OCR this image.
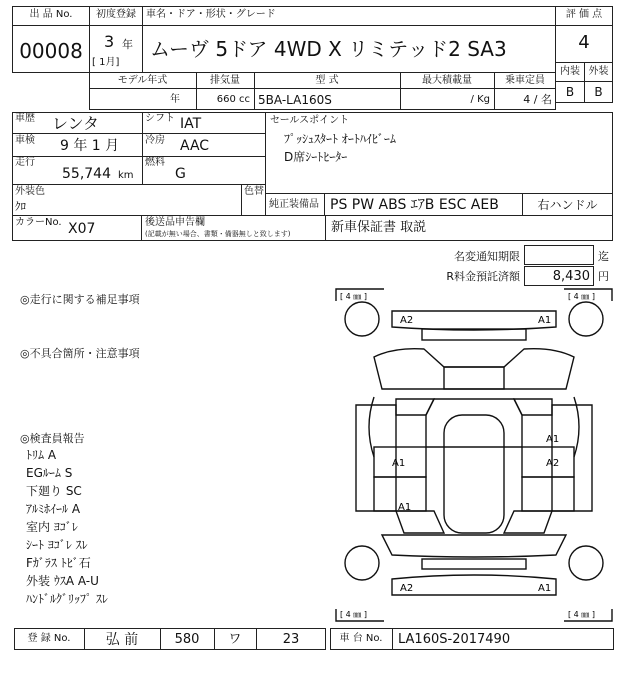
出 品 No.
00008
初度登録
3 年
[ 1月]
車名・ドア・形状・グレード
ムーヴ 5ドア 4WD X リミテッド2 SA3
評 価 点
4
内装 外装
B	B
モデル年式	排気量	型 式	最大積載量	乗車定員
年	660 cc 5BA-LA160S	/ Kg	4 / 名
車歴 レンタ	シフト IAT
車検 9 年 1 月	冷房 AAC
走行
55,744 km
燃料
G
外装色
ｸﾛ
色替
カラーNo. X07	後送品申告欄
(記載が無い場合、書類・備器無しと致します)
セールスポイント
ﾌﾟｯｼｭｽﾀｰﾄ ｵｰﾄﾊｲﾋﾞｰﾑ
D席ｼｰﾄﾋｰﾀｰ
純正装備品 PS PW ABS ｴｱB ESC AEB	右ハンドル
新車保証書 取説
名変通知期限	迄
R料金預託済額	8,430 円
◎走行に関する補足事項
◎不具合箇所・注意事項
◎検査員報告
ﾄﾘﾑ A
EGﾙｰﾑ S
下廻り SC
ｱﾙﾐﾎｲｰﾙ A
室内 ﾖｺﾞﾚ
ｼｰﾄ ﾖｺﾞﾚ ｽﾚ
Fｶﾞﾗｽ ﾄﾋﾞ石
外装 ｳｽA A-U
ﾊﾝﾄﾞﾙｸﾞﾘｯﾌﾟ ｽﾚ
[ 4 ㎜ ]	[ 4 ㎜ ]
[ 4 ㎜ ]	[ 4 ㎜ ]
A2	A1
A1
A1	A2
A1
A2	A1
登 録 No.	弘 前	580	ワ	23	車 台 No.	LA160S-2017490
